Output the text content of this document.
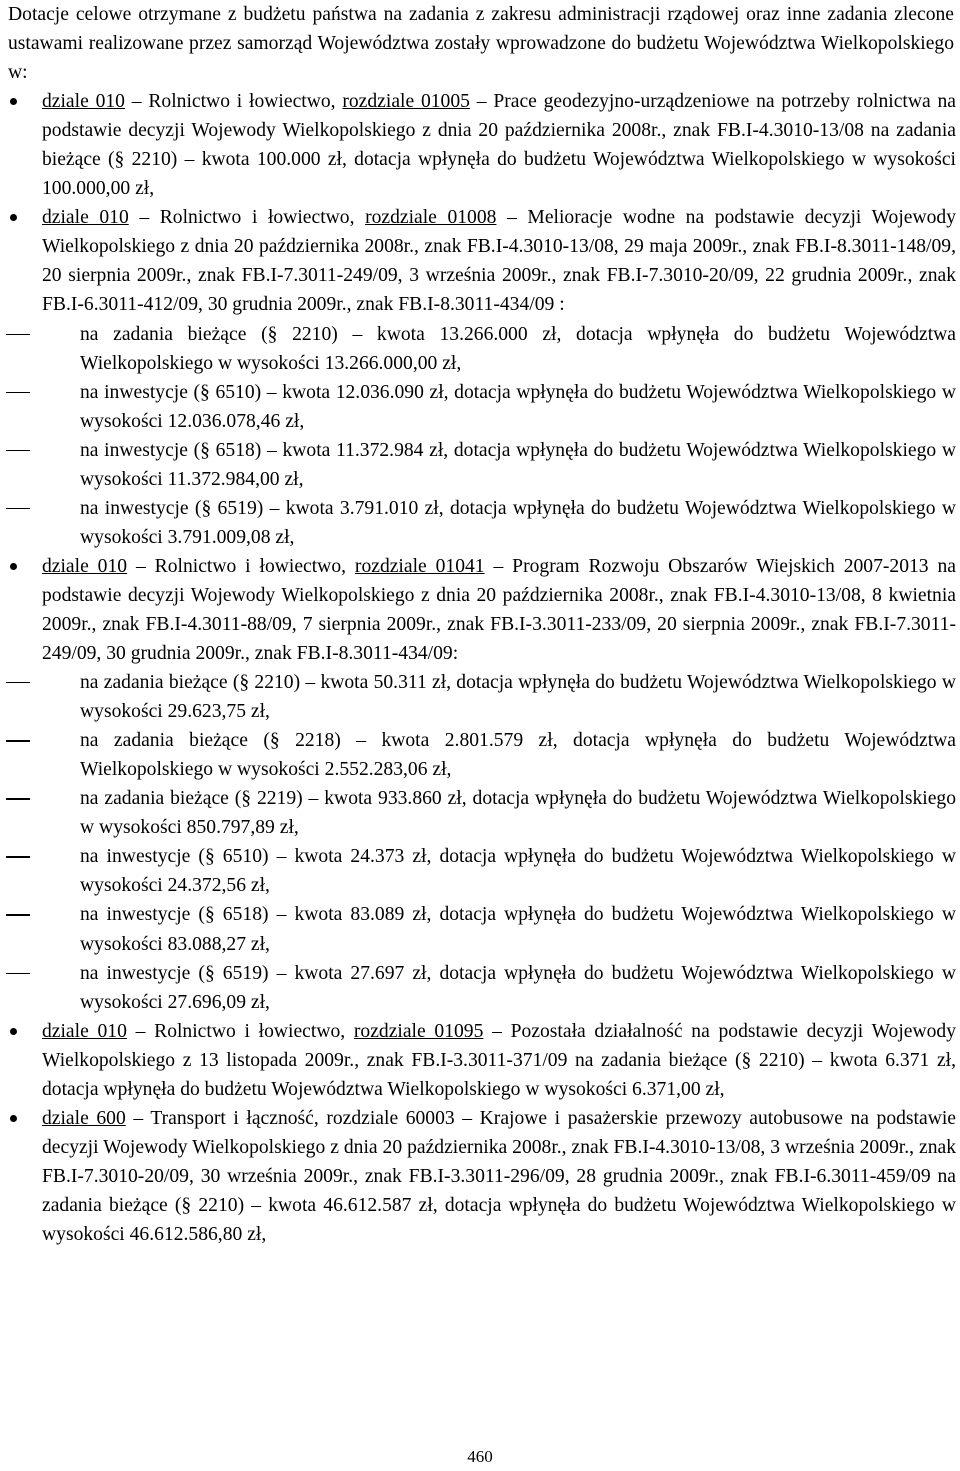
Dotacje celowe otrzymane z budżetu państwa na zadania z zakresu administracji rządowej oraz inne zadania zlecone ustawami realizowane przez samorząd Województwa zostały wprowadzone do budżetu Województwa Wielkopolskiego w:

dziale 010 – Rolnictwo i łowiectwo, rozdziale 01005 – Prace geodezyjno-urządzeniowe na potrzeby rolnictwa na podstawie decyzji Wojewody Wielkopolskiego z dnia 20 października 2008r., znak FB.I-4.3010-13/08 na zadania bieżące (§ 2210) – kwota 100.000 zł, dotacja wpłynęła do budżetu Województwa Wielkopolskiego w wysokości 100.000,00 zł,
dziale 010 – Rolnictwo i łowiectwo, rozdziale 01008 – Melioracje wodne na podstawie decyzji Wojewody Wielkopolskiego z dnia 20 października 2008r., znak FB.I-4.3010-13/08, 29 maja 2009r., znak FB.I-8.3011-148/09, 20 sierpnia 2009r., znak FB.I-7.3011-249/09, 3 września 2009r., znak FB.I-7.3010-20/09, 22 grudnia 2009r., znak FB.I-6.3011-412/09, 30 grudnia 2009r., znak FB.I-8.3011-434/09 :
na zadania bieżące (§ 2210) – kwota 13.266.000 zł, dotacja wpłynęła do budżetu Województwa Wielkopolskiego w wysokości 13.266.000,00 zł,
na inwestycje (§ 6510) – kwota 12.036.090 zł, dotacja wpłynęła do budżetu Województwa Wielkopolskiego w wysokości 12.036.078,46 zł,
na inwestycje (§ 6518) – kwota 11.372.984 zł, dotacja wpłynęła do budżetu Województwa Wielkopolskiego w wysokości 11.372.984,00 zł,
na inwestycje (§ 6519) – kwota 3.791.010 zł, dotacja wpłynęła do budżetu Województwa Wielkopolskiego w wysokości 3.791.009,08 zł,
dziale 010 – Rolnictwo i łowiectwo, rozdziale 01041 – Program Rozwoju Obszarów Wiejskich 2007-2013 na podstawie decyzji Wojewody Wielkopolskiego z dnia 20 października 2008r., znak FB.I-4.3010-13/08, 8 kwietnia 2009r., znak FB.I-4.3011-88/09, 7 sierpnia 2009r., znak FB.I-3.3011-233/09, 20 sierpnia 2009r., znak FB.I-7.3011-249/09, 30 grudnia 2009r., znak FB.I-8.3011-434/09:
na zadania bieżące (§ 2210) – kwota 50.311 zł, dotacja wpłynęła do budżetu Województwa Wielkopolskiego w wysokości 29.623,75 zł,
na zadania bieżące (§ 2218) – kwota 2.801.579 zł, dotacja wpłynęła do budżetu Województwa Wielkopolskiego w wysokości 2.552.283,06 zł,
na zadania bieżące (§ 2219) – kwota 933.860 zł, dotacja wpłynęła do budżetu Województwa Wielkopolskiego w wysokości 850.797,89 zł,
na inwestycje (§ 6510) – kwota 24.373 zł, dotacja wpłynęła do budżetu Województwa Wielkopolskiego w wysokości 24.372,56 zł,
na inwestycje (§ 6518) – kwota 83.089 zł, dotacja wpłynęła do budżetu Województwa Wielkopolskiego w wysokości 83.088,27 zł,
na inwestycje (§ 6519) – kwota 27.697 zł, dotacja wpłynęła do budżetu Województwa Wielkopolskiego w wysokości 27.696,09 zł,
dziale 010 – Rolnictwo i łowiectwo, rozdziale 01095 – Pozostała działalność na podstawie decyzji Wojewody Wielkopolskiego z 13 listopada 2009r., znak FB.I-3.3011-371/09 na zadania bieżące (§ 2210) – kwota 6.371 zł, dotacja wpłynęła do budżetu Województwa Wielkopolskiego w wysokości 6.371,00 zł,
dziale 600 – Transport i łączność, rozdziale 60003 – Krajowe i pasażerskie przewozy autobusowe na podstawie decyzji Wojewody Wielkopolskiego z dnia 20 października 2008r., znak FB.I-4.3010-13/08, 3 września 2009r., znak FB.I-7.3010-20/09, 30 września 2009r., znak FB.I-3.3011-296/09, 28 grudnia 2009r., znak FB.I-6.3011-459/09 na zadania bieżące (§ 2210) – kwota 46.612.587 zł, dotacja wpłynęła do budżetu Województwa Wielkopolskiego w wysokości 46.612.586,80 zł,
460
